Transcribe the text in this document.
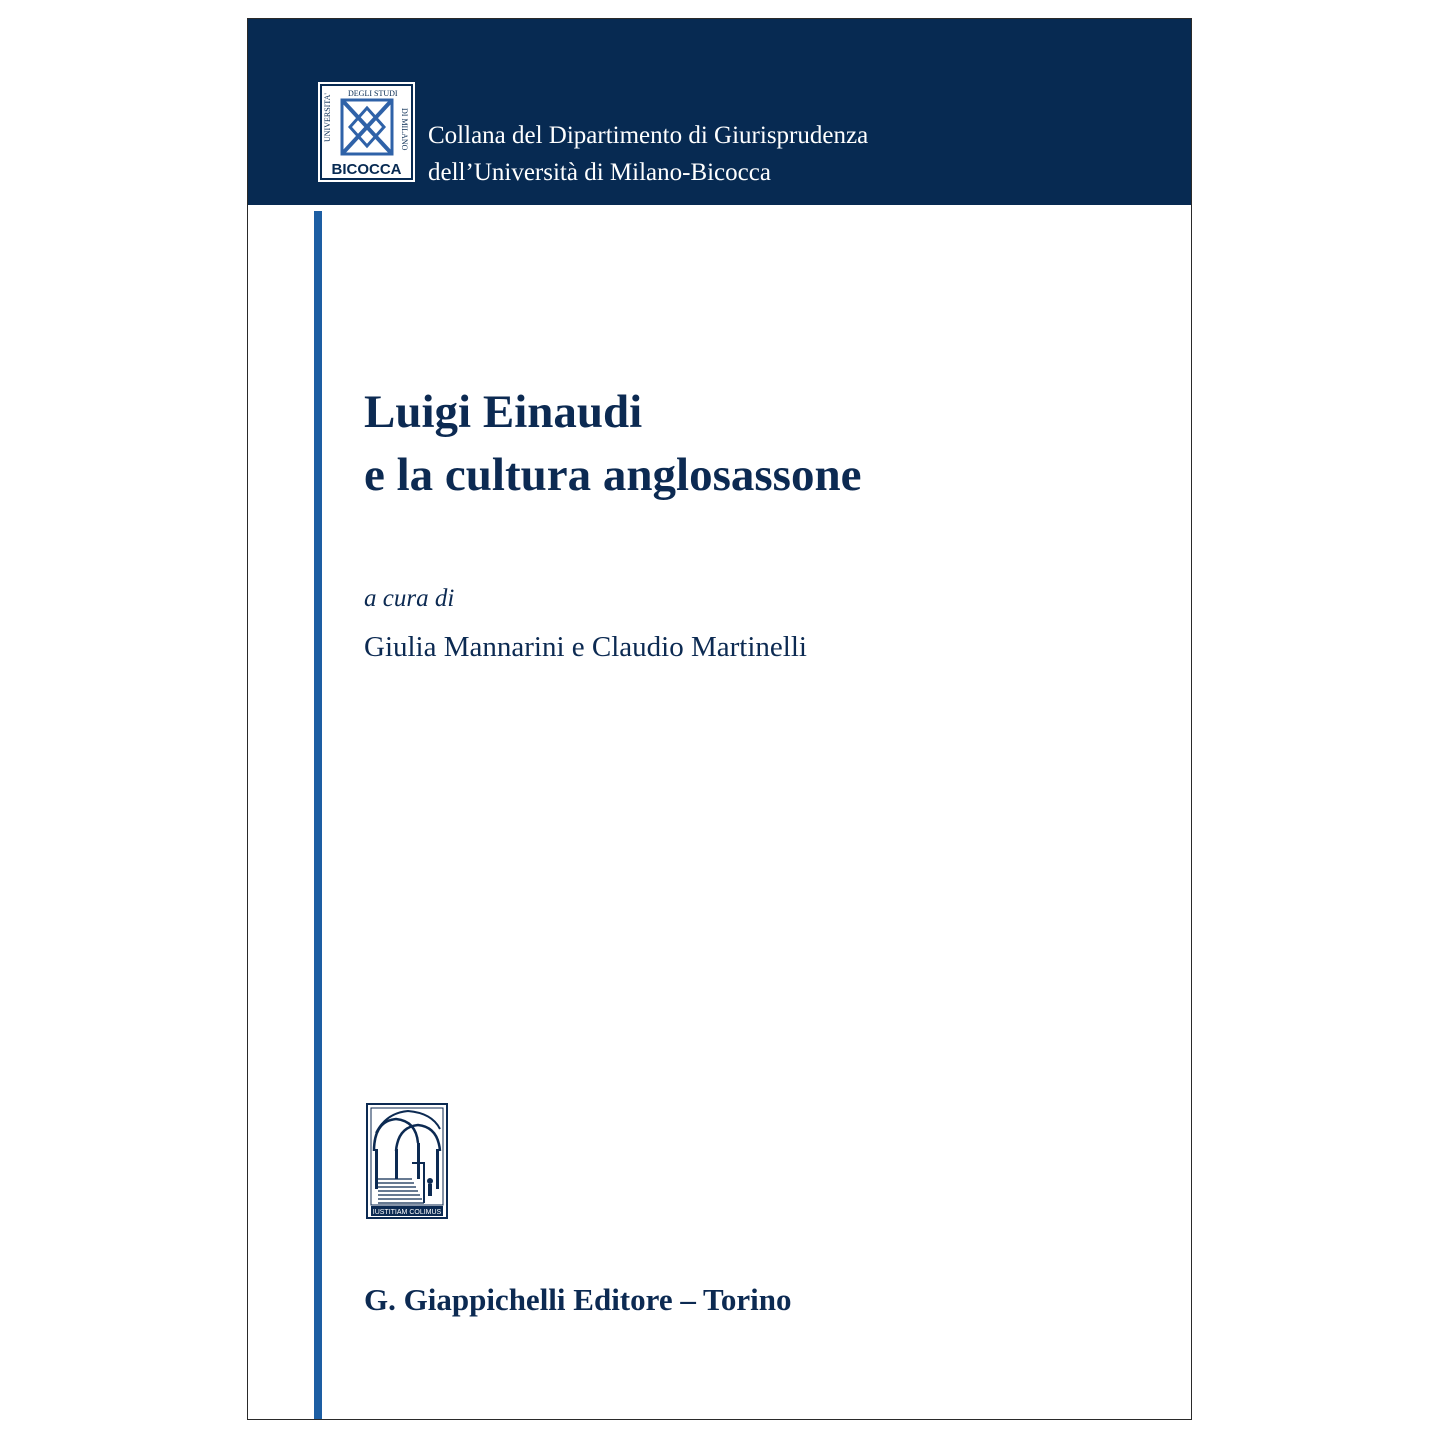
UNIVERSITA' DEGLI STUDI
DI MILANO
BICOCCA
Collana del Dipartimento di Giurisprudenza
dell’Università di Milano-Bicocca
Luigi Einaudi
e la cultura anglosassone
a cura di
Giulia Mannarini e Claudio Martinelli
IUSTITIAM COLIMUS
G. Giappichelli Editore – Torino
